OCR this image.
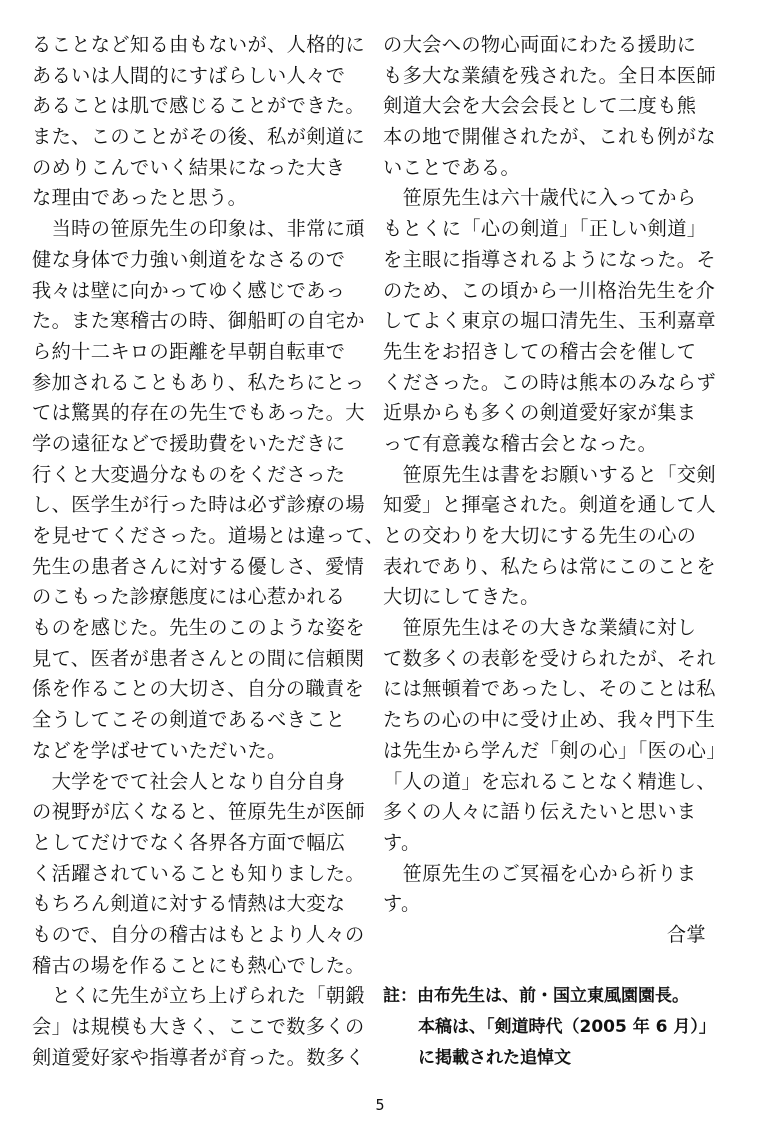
ることなど知る由もないが、人格的に
あるいは人間的にすばらしい人々で
あることは肌で感じることができた。
また、このことがその後、私が剣道に
のめりこんでいく結果になった大き
な理由であったと思う。
　当時の笹原先生の印象は、非常に頑
健な身体で力強い剣道をなさるので
我々は壁に向かってゆく感じであっ
た。また寒稽古の時、御船町の自宅か
ら約十二キロの距離を早朝自転車で
参加されることもあり、私たちにとっ
ては驚異的存在の先生でもあった。大
学の遠征などで援助費をいただきに
行くと大変過分なものをくださった
し、医学生が行った時は必ず診療の場
を見せてくださった。道場とは違って、
先生の患者さんに対する優しさ、愛情
のこもった診療態度には心惹かれる
ものを感じた。先生のこのような姿を
見て、医者が患者さんとの間に信頼関
係を作ることの大切さ、自分の職責を
全うしてこその剣道であるべきこと
などを学ばせていただいた。
　大学をでて社会人となり自分自身
の視野が広くなると、笹原先生が医師
としてだけでなく各界各方面で幅広
く活躍されていることも知りました。
もちろん剣道に対する情熱は大変な
もので、自分の稽古はもとより人々の
稽古の場を作ることにも熱心でした。
　とくに先生が立ち上げられた「朝鍛
会」は規模も大きく、ここで数多くの
剣道愛好家や指導者が育った。数多く
の大会への物心両面にわたる援助に
も多大な業績を残された。全日本医師
剣道大会を大会会長として二度も熊
本の地で開催されたが、これも例がな
いことである。
　笹原先生は六十歳代に入ってから
もとくに「心の剣道」「正しい剣道」
を主眼に指導されるようになった。そ
のため、この頃から一川格治先生を介
してよく東京の堀口清先生、玉利嘉章
先生をお招きしての稽古会を催して
くださった。この時は熊本のみならず
近県からも多くの剣道愛好家が集ま
って有意義な稽古会となった。
　笹原先生は書をお願いすると「交剣
知愛」と揮毫された。剣道を通して人
との交わりを大切にする先生の心の
表れであり、私たらは常にこのことを
大切にしてきた。
　笹原先生はその大きな業績に対し
て数多くの表彰を受けられたが、それ
には無頓着であったし、そのことは私
たちの心の中に受け止め、我々門下生
は先生から学んだ「剣の心」「医の心」
「人の道」を忘れることなく精進し、
多くの人々に語り伝えたいと思いま
す。
　笹原先生のご冥福を心から祈りま
す。
合掌
註：由布先生は、前・国立東風園園長。
本稿は、「剣道時代（2005 年 6 月）」
に掲載された追悼文
5
